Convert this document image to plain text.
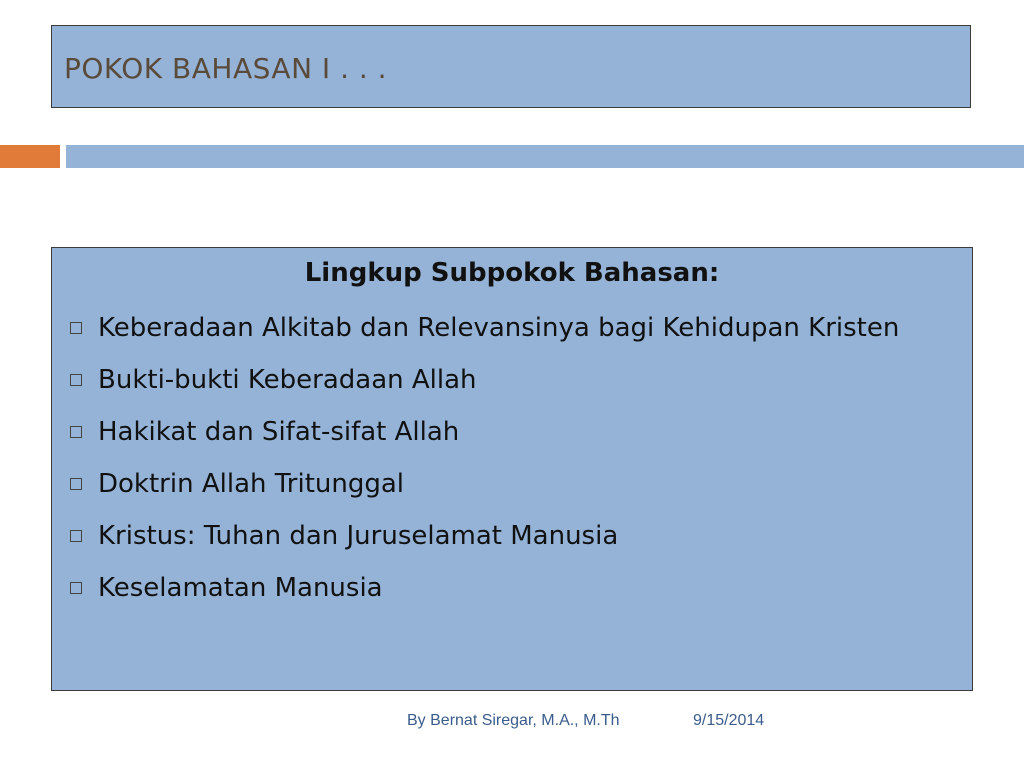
POKOK BAHASAN I . . .
Lingkup Subpokok Bahasan:
Keberadaan Alkitab dan Relevansinya bagi Kehidupan Kristen
Bukti-bukti Keberadaan Allah
Hakikat dan Sifat-sifat Allah
Doktrin Allah Tritunggal
Kristus: Tuhan dan Juruselamat Manusia
Keselamatan Manusia
By Bernat Siregar, M.A., M.Th	9/15/2014
